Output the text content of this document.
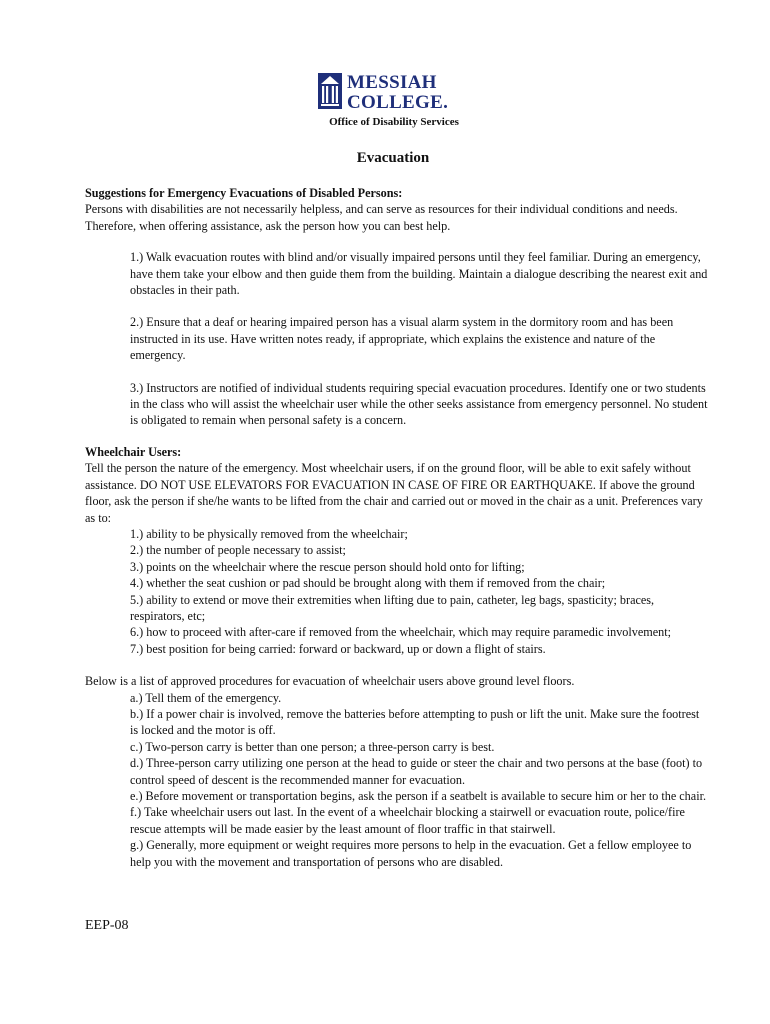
MESSIAH
COLLEGE.
Office of Disability Services
Evacuation

Suggestions for Emergency Evacuations of Disabled Persons:

Persons with disabilities are not necessarily helpless, and can serve as resources for their individual conditions and needs. Therefore, when offering assistance, ask the person how you can best help.

1.) Walk evacuation routes with blind and/or visually impaired persons until they feel familiar. During an emergency, have them take your elbow and then guide them from the building. Maintain a dialogue describing the nearest exit and obstacles in their path.

2.) Ensure that a deaf or hearing impaired person has a visual alarm system in the dormitory room and has been instructed in its use. Have written notes ready, if appropriate, which explains the existence and nature of the emergency.

3.) Instructors are notified of individual students requiring special evacuation procedures. Identify one or two students in the class who will assist the wheelchair user while the other seeks assistance from emergency personnel. No student is obligated to remain when personal safety is a concern.

Wheelchair Users:

Tell the person the nature of the emergency. Most wheelchair users, if on the ground floor, will be able to exit safely without assistance. DO NOT USE ELEVATORS FOR EVACUATION IN CASE OF FIRE OR EARTHQUAKE. If above the ground floor, ask the person if she/he wants to be lifted from the chair and carried out or moved in the chair as a unit. Preferences vary as to:

1.) ability to be physically removed from the wheelchair;

2.) the number of people necessary to assist;

3.) points on the wheelchair where the rescue person should hold onto for lifting;

4.) whether the seat cushion or pad should be brought along with them if removed from the chair;

5.) ability to extend or move their extremities when lifting due to pain, catheter, leg bags, spasticity; braces, respirators, etc;

6.) how to proceed with after-care if removed from the wheelchair, which may require paramedic involvement;

7.) best position for being carried: forward or backward, up or down a flight of stairs.

Below is a list of approved procedures for evacuation of wheelchair users above ground level floors.

a.) Tell them of the emergency.

b.) If a power chair is involved, remove the batteries before attempting to push or lift the unit. Make sure the footrest is locked and the motor is off.

c.) Two-person carry is better than one person; a three-person carry is best.

d.) Three-person carry utilizing one person at the head to guide or steer the chair and two persons at the base (foot) to control speed of descent is the recommended manner for evacuation.

e.) Before movement or transportation begins, ask the person if a seatbelt is available to secure him or her to the chair.

f.) Take wheelchair users out last. In the event of a wheelchair blocking a stairwell or evacuation route, police/fire rescue attempts will be made easier by the least amount of floor traffic in that stairwell.

g.) Generally, more equipment or weight requires more persons to help in the evacuation. Get a fellow employee to help you with the movement and transportation of persons who are disabled.

EEP-08
